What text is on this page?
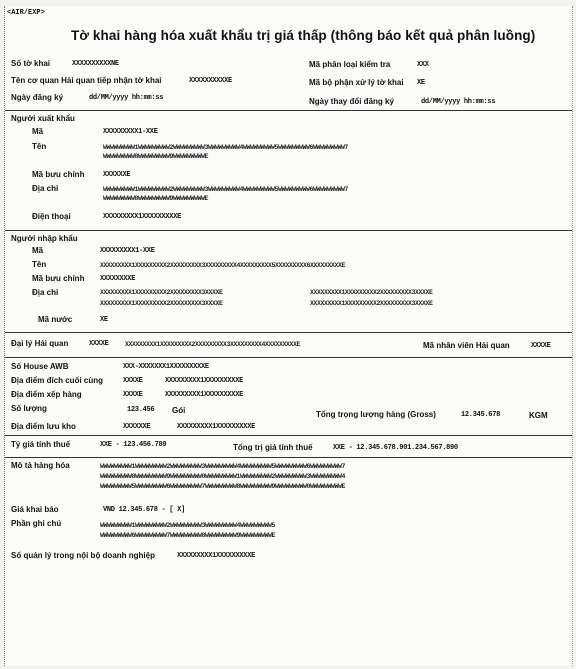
<AIR/EXP>
Tờ khai hàng hóa xuất khẩu trị giá thấp (thông báo kết quả phân luồng)
Số tờ khai	XXXXXXXXXXNE	Mã phân loại kiểm tra	XXX
Tên cơ quan Hải quan tiếp nhận tờ khai	XXXXXXXXXXE	Mã bộ phận xử lý tờ khai XE
Ngày đăng ký	dd/MM/yyyy hh:mm:ss	Ngày thay đổi đăng ký	dd/MM/yyyy hh:mm:ss
Người xuất khẩu
Mã	XXXXXXXXX1-XXE
Tên	WWWWWWWWW1WWWWWWWWW2WWWWWWWWW3WWWWWWWWW4WWWWWWWWW5WWWWWWWWW6WWWWWWWWW7
WWWWWWWWW8WWWWWWWWW9WWWWWWWWWE
Mã bưu chính	XXXXXXE
Địa chỉ	WWWWWWWWW1WWWWWWWWW2WWWWWWWWW3WWWWWWWWW4WWWWWWWWW5WWWWWWWWW6WWWWWWWWW7
WWWWWWWWW8WWWWWWWWW9WWWWWWWWWE
Điện thoại	XXXXXXXXX1XXXXXXXXXE
Người nhập khẩu
Mã	XXXXXXXXX1-XXE
Tên	XXXXXXXXX1XXXXXXXXX2XXXXXXXXX3XXXXXXXXX4XXXXXXXXX5XXXXXXXXX6XXXXXXXXXE
Mã bưu chính XXXXXXXXE
Địa chỉ	XXXXXXXXX1XXXXXXXXX2XXXXXXXXX3XXXXE	XXXXXXXXX1XXXXXXXXX2XXXXXXXXX3XXXXE
XXXXXXXXX1XXXXXXXXX2XXXXXXXXX3XXXXE	XXXXXXXXX1XXXXXXXXX2XXXXXXXXX3XXXXE
Mã nước	XE
Đại lý Hải quan	XXXXE	XXXXXXXXX1XXXXXXXXX2XXXXXXXXX3XXXXXXXXX4XXXXXXXXXE	Mã nhân viên Hải quan	XXXXE
Số House AWB	XXX-XXXXXXX1XXXXXXXXXE
Địa điểm đích cuối cùng	XXXXE	XXXXXXXXX1XXXXXXXXXE
Địa điểm xếp hàng	XXXXE	XXXXXXXXX1XXXXXXXXXE
Số lượng	123.456 Gói	Tổng trọng lượng hàng (Gross)	12.345.678	KGM
Địa điểm lưu kho	XXXXXXE	XXXXXXXXX1XXXXXXXXXE
Tỷ giá tính thuế	XXE - 123.456.789	Tổng trị giá tính thuế	XXE - 12.345.678.901.234.567.890
Mô tả hàng hóa	WWWWWWWWW1WWWWWWWWW2WWWWWWWWW3WWWWWWWWW4WWWWWWWWW5WWWWWWWWW6WWWWWWWWW7
WWWWWWWWW8WWWWWWWWW9WWWWWWWWW0WWWWWWWWW1WWWWWWWWW2WWWWWWWWW3WWWWWWWWW4
WWWWWWWWW5WWWWWWWWW6WWWWWWWWW7WWWWWWWWW8WWWWWWWWW9WWWWWWWWW0WWWWWWWWWE
Giá khai báo	VND 12.345.678 - [ X]
Phần ghi chú	WWWWWWWWW1WWWWWWWWW2WWWWWWWWW3WWWWWWWWW4WWWWWWWWW5
WWWWWWWWW6WWWWWWWWW7WWWWWWWWW8WWWWWWWWW9WWWWWWWWWE
Số quản lý trong nội bộ doanh nghiệp	XXXXXXXXX1XXXXXXXXXE
